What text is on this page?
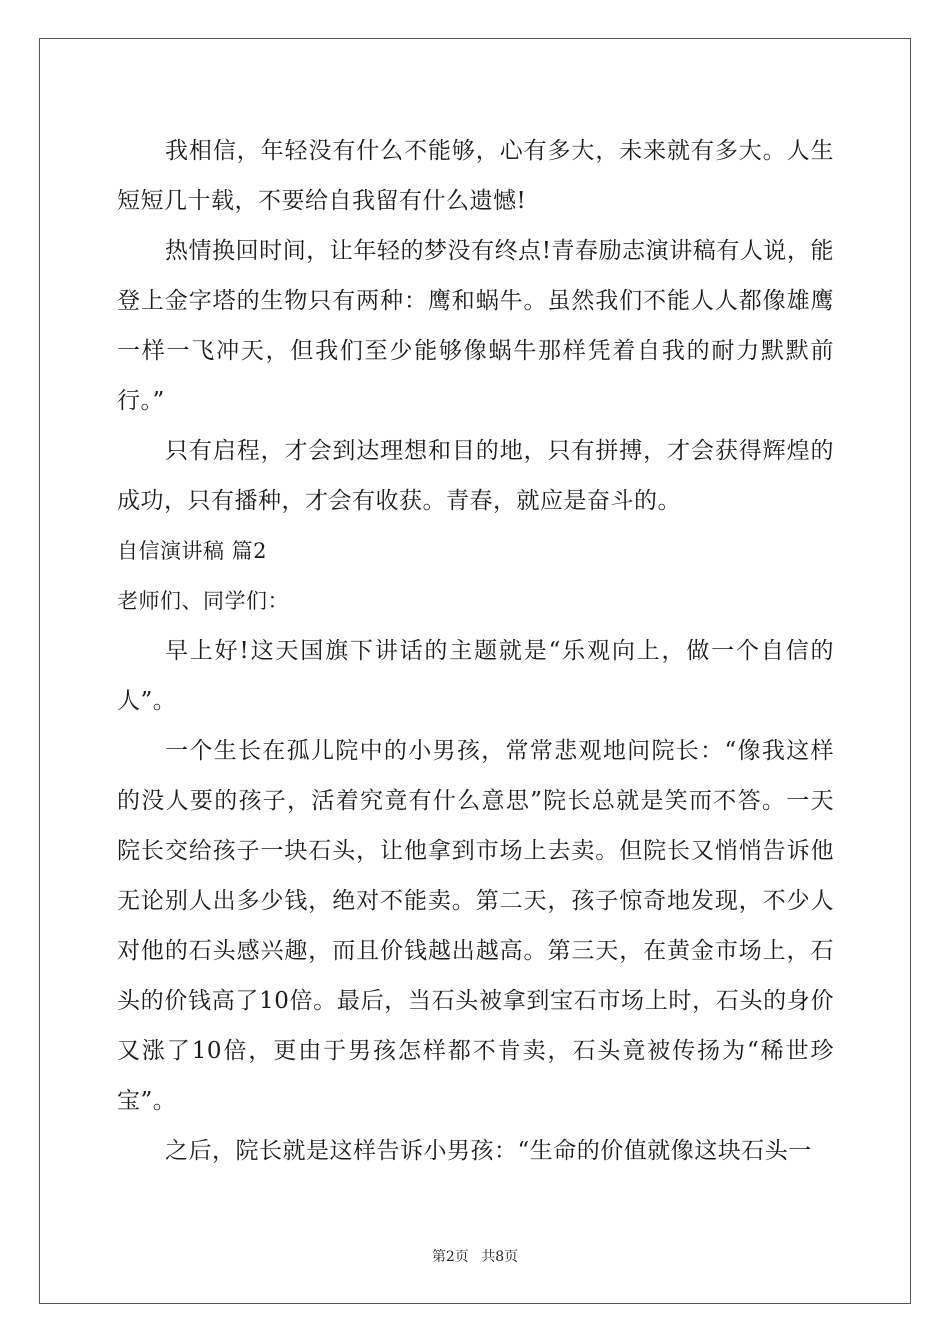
我相信，年轻没有什么不能够，心有多大，未来就有多大。人生短短几十载，不要给自我留有什么遗憾!

热情换回时间，让年轻的梦没有终点!青春励志演讲稿有人说，能登上金字塔的生物只有两种：鹰和蜗牛。虽然我们不能人人都像雄鹰一样一飞冲天，但我们至少能够像蜗牛那样凭着自我的耐力默默前行。”

只有启程，才会到达理想和目的地，只有拼搏，才会获得辉煌的成功，只有播种，才会有收获。青春，就应是奋斗的。

自信演讲稿 篇2

老师们、同学们：

早上好!这天国旗下讲话的主题就是“乐观向上，做一个自信的人”。

一个生长在孤儿院中的小男孩，常常悲观地问院长：“像我这样的没人要的孩子，活着究竟有什么意思”院长总就是笑而不答。一天院长交给孩子一块石头，让他拿到市场上去卖。但院长又悄悄告诉他无论别人出多少钱，绝对不能卖。第二天，孩子惊奇地发现，不少人对他的石头感兴趣，而且价钱越出越高。第三天，在黄金市场上，石头的价钱高了10倍。最后，当石头被拿到宝石市场上时，石头的身价又涨了10倍，更由于男孩怎样都不肯卖，石头竟被传扬为“稀世珍宝”。

之后，院长就是这样告诉小男孩：“生命的价值就像这块石头一

第2页 共8页
